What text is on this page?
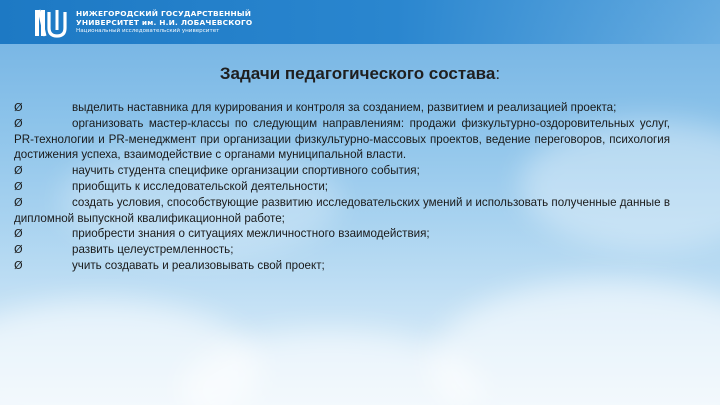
НИЖЕГОРОДСКИЙ ГОСУДАРСТВЕННЫЙ
УНИВЕРСИТЕТ им. Н.И. ЛОБАЧЕВСКОГО
Национальный исследовательский университет
Задачи педагогического состава:

Ø	выделить наставника для курирования и контроля за созданием, развитием и реализацией проекта;

Ø	организовать мастер-классы по следующим направлениям: продажи физкультурно-оздоровительных услуг, PR-технологии и PR-менеджмент при организации физкультурно-массовых проектов, ведение переговоров, психология достижения успеха, взаимодействие с органами муниципальной власти.

Ø	научить студента специфике организации спортивного события;

Ø	приобщить к исследовательской деятельности;

Ø	создать условия, способствующие развитию исследовательских умений и использовать полученные данные в дипломной выпускной квалификационной работе;

Ø	приобрести знания о ситуациях межличностного взаимодействия;

Ø	развить целеустремленность;

Ø	учить создавать и реализовывать свой проект;
